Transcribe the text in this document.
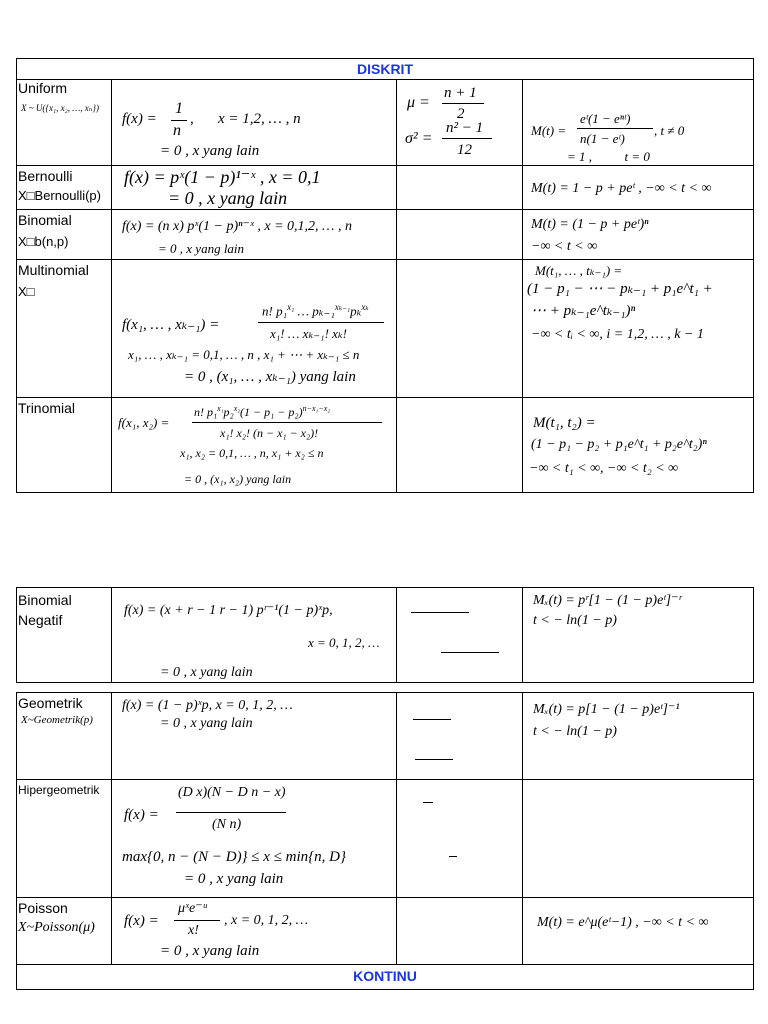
DISKRIT
Uniform
X ~ U({x₁, x₂, …, xₙ})
f(x) =
1
n
, x = 1,2, … , n
= 0 , x yang lain
μ =
n + 1
2
σ² =
n² − 1
12
M(t) =
eᵗ(1 − eⁿᵗ)
n(1 − eᵗ)
, t ≠ 0
= 1 ,          t = 0
Bernoulli
X□Bernoulli(p)
f(x) = pˣ(1 − p)¹⁻ˣ , x = 0,1
= 0 , x yang lain	M(t) = 1 − p + peᵗ , −∞ < t < ∞
Binomial
X□b(n,p)
f(x) = (n x) pˣ(1 − p)ⁿ⁻ˣ , x = 0,1,2, … , n
= 0 , x yang lain
M(t) = (1 − p + peᵗ)ⁿ
−∞ < t < ∞
Multinomial
X□
f(x₁, … , xₖ₋₁) =
n! p₁$^{x_1}$ … pₖ₋₁$^{x_{k-1}}$pₖ$^{x_k}$
x₁! … xₖ₋₁! xₖ!
x₁, … , xₖ₋₁ = 0,1, … , n , x₁ + ⋯ + xₖ₋₁ ≤ n
= 0 , (x₁, … , xₖ₋₁) yang lain
M(t₁, … , tₖ₋₁) =
(1 − p₁ − ⋯ − pₖ₋₁ + p₁e^t₁ +
⋯ + pₖ₋₁e^tₖ₋₁)ⁿ
−∞ < tᵢ < ∞, i = 1,2, … , k − 1
Trinomial
f(x₁, x₂) =
n! $p_1^{x_1}p_2^{x_2}(1 - p_1 - p_2)^{n-x_1-x_2}$
x₁! x₂! (n − x₁ − x₂)!
x₁, x₂ = 0,1, … , n, x₁ + x₂ ≤ n
= 0 , (x₁, x₂) yang lain
M(t₁, t₂) =
(1 − p₁ − p₂ + p₁e^t₁ + p₂e^t₂)ⁿ
−∞ < t₁ < ∞, −∞ < t₂ < ∞
Binomial Negatif
f(x) = (x + r − 1 r − 1) pʳ⁻¹(1 − p)ˣp,
x = 0, 1, 2, …
= 0 , x yang lain
Mₓ(t) = pʳ[1 − (1 − p)eᵗ]⁻ʳ
t < − ln(1 − p)
Geometrik
X~Geometrik(p)
f(x) = (1 − p)ˣp, x = 0, 1, 2, …
= 0 , x yang lain
Mₓ(t) = p[1 − (1 − p)eᵗ]⁻¹
t < − ln(1 − p)
Hipergeometrik
f(x) =
(D x)(N − D n − x)
(N n)
max{0, n − (N − D)} ≤ x ≤ min{n, D}
= 0 , x yang lain
Poisson
X~Poisson(μ)	f(x) =
μˣe⁻ᵘ
x!
, x = 0, 1, 2, …
= 0 , x yang lain
M(t) = e^μ(eᵗ−1) , −∞ < t < ∞
KONTINU
